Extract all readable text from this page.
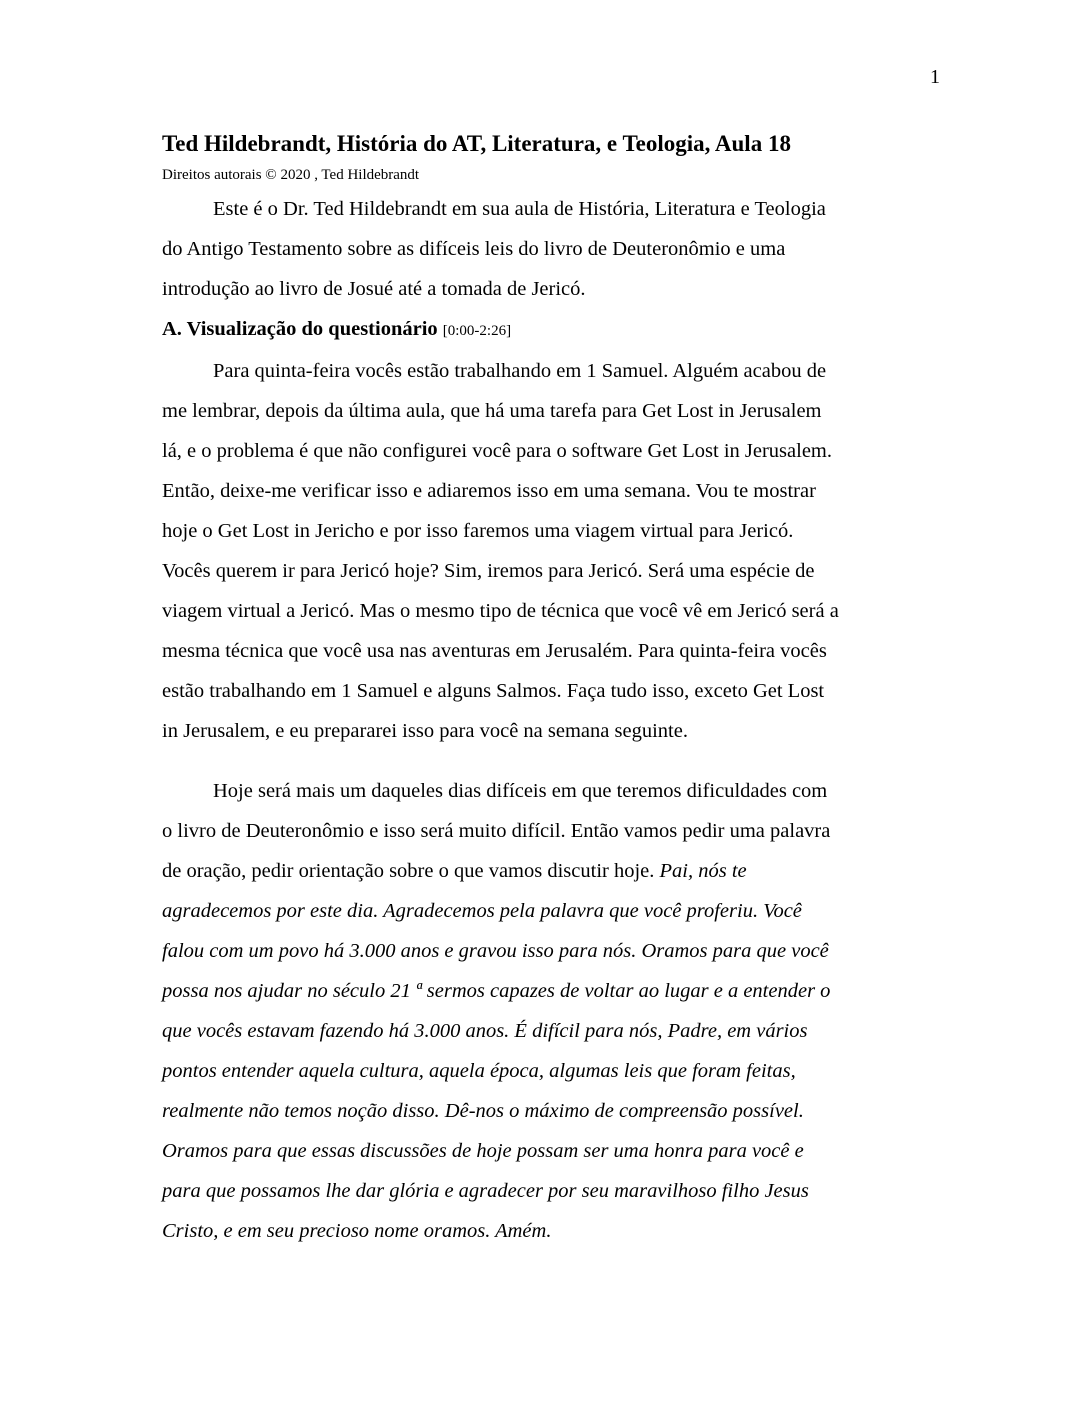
1
Ted Hildebrandt, História do AT, Literatura, e Teologia, Aula 18

Direitos autorais © 2020 , Ted Hildebrandt

Este é o Dr. Ted Hildebrandt em sua aula de História, Literatura e Teologia
do Antigo Testamento sobre as difíceis leis do livro de Deuteronômio e uma
introdução ao livro de Josué até a tomada de Jericó.

A. Visualização do questionário [0:00-2:26]

Para quinta-feira vocês estão trabalhando em 1 Samuel. Alguém acabou de
me lembrar, depois da última aula, que há uma tarefa para Get Lost in Jerusalem
lá, e o problema é que não configurei você para o software Get Lost in Jerusalem.
Então, deixe-me verificar isso e adiaremos isso em uma semana. Vou te mostrar
hoje o Get Lost in Jericho e por isso faremos uma viagem virtual para Jericó.
Vocês querem ir para Jericó hoje? Sim, iremos para Jericó. Será uma espécie de
viagem virtual a Jericó. Mas o mesmo tipo de técnica que você vê em Jericó será a
mesma técnica que você usa nas aventuras em Jerusalém. Para quinta-feira vocês
estão trabalhando em 1 Samuel e alguns Salmos. Faça tudo isso, exceto Get Lost
in Jerusalem, e eu prepararei isso para você na semana seguinte.

Hoje será mais um daqueles dias difíceis em que teremos dificuldades com
o livro de Deuteronômio e isso será muito difícil. Então vamos pedir uma palavra
de oração, pedir orientação sobre o que vamos discutir hoje. Pai, nós te
agradecemos por este dia. Agradecemos pela palavra que você proferiu. Você
falou com um povo há 3.000 anos e gravou isso para nós. Oramos para que você
possa nos ajudar no século 21 ª sermos capazes de voltar ao lugar e a entender o
que vocês estavam fazendo há 3.000 anos. É difícil para nós, Padre, em vários
pontos entender aquela cultura, aquela época, algumas leis que foram feitas,
realmente não temos noção disso. Dê-nos o máximo de compreensão possível.
Oramos para que essas discussões de hoje possam ser uma honra para você e
para que possamos lhe dar glória e agradecer por seu maravilhoso filho Jesus
Cristo, e em seu precioso nome oramos. Amém.
